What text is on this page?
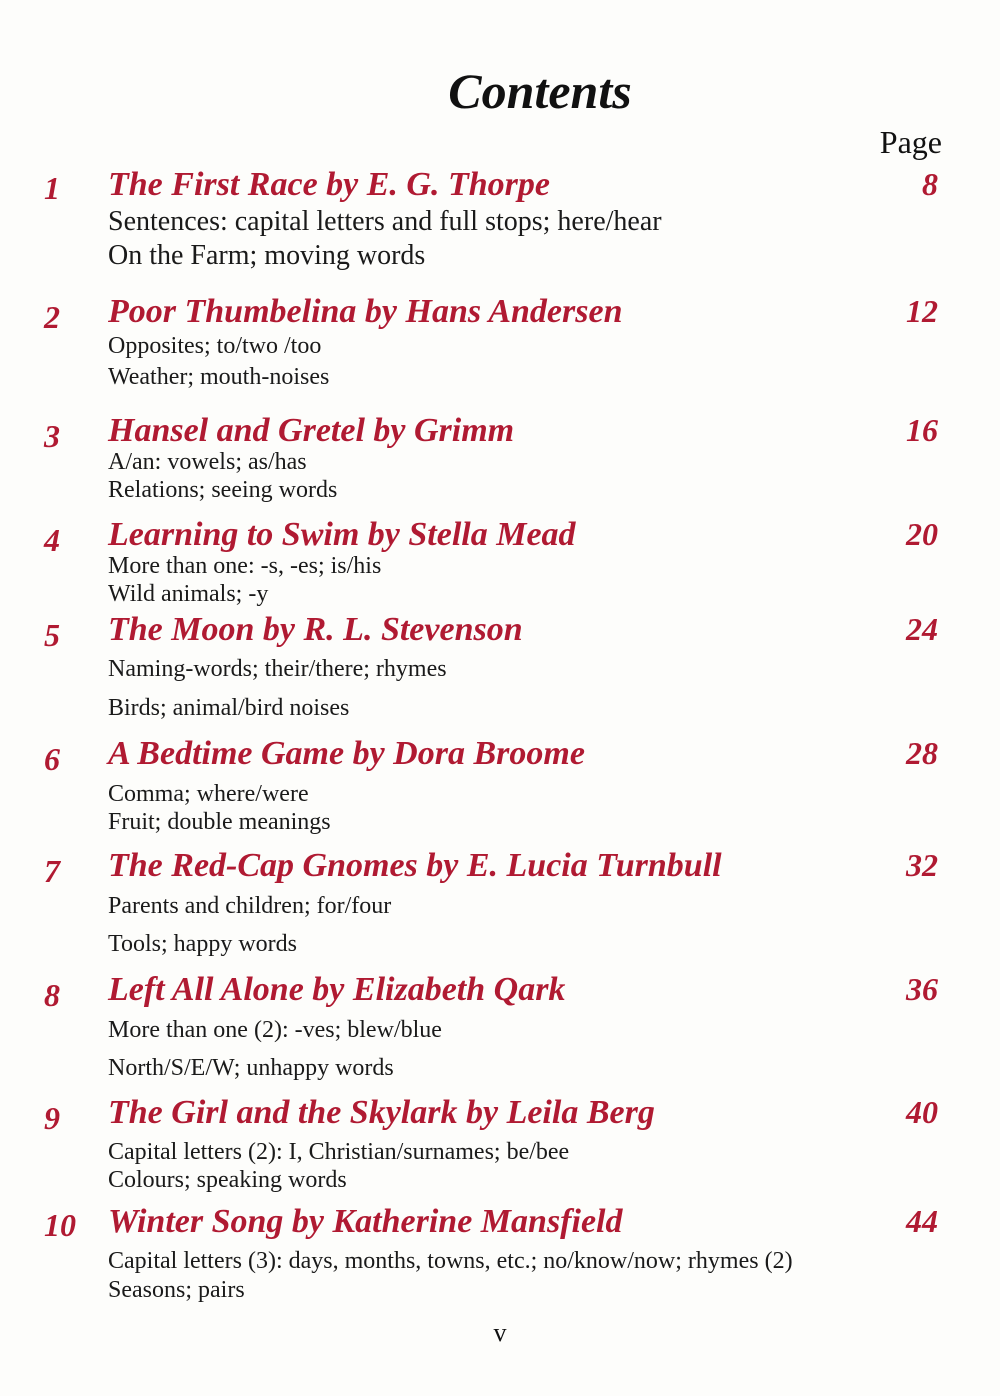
Contents
Page
1 The First Race by E. G. Thorpe	8
Sentences: capital letters and full stops; here/hear
On the Farm; moving words
2 Poor Thumbelina by Hans Andersen	12
Opposites; to/two /too
Weather; mouth-noises
3 Hansel and Gretel by Grimm	16
A/an: vowels; as/has
Relations; seeing words
4 Learning to Swim by Stella Mead	20
More than one: -s, -es; is/his
Wild animals; -y
5 The Moon by R. L. Stevenson	24
Naming-words; their/there; rhymes
Birds; animal/bird noises
6 A Bedtime Game by Dora Broome	28
Comma; where/were
Fruit; double meanings
7 The Red-Cap Gnomes by E. Lucia Turnbull	32
Parents and children; for/four
Tools; happy words
8 Left All Alone by Elizabeth Qark	36
More than one (2): -ves; blew/blue
North/S/E/W; unhappy words
9 The Girl and the Skylark by Leila Berg	40
Capital letters (2): I, Christian/surnames; be/bee
Colours; speaking words
10 Winter Song by Katherine Mansfield	44
Capital letters (3): days, months, towns, etc.; no/know/now; rhymes (2)
Seasons; pairs
v
